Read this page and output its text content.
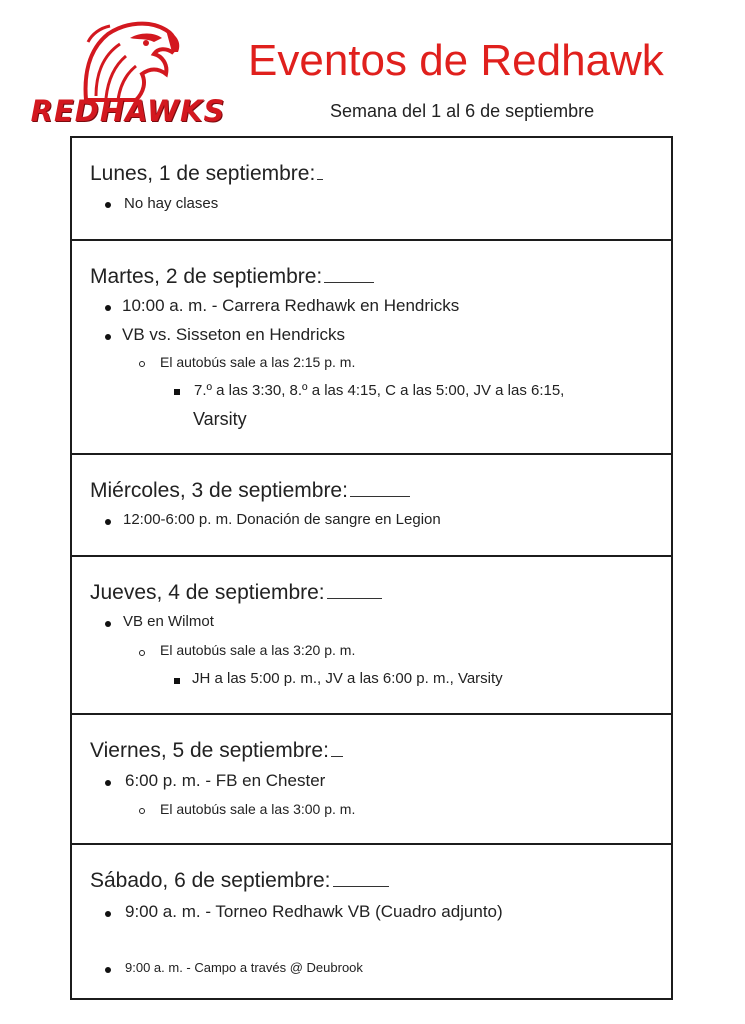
REDHAWKS
Eventos de Redhawk
Semana del 1 al 6 de septiembre
Lunes, 1 de septiembre:
No hay clases
Martes, 2 de septiembre:
10:00 a. m. - Carrera Redhawk en Hendricks
VB vs. Sisseton en Hendricks
El autobús sale a las 2:15 p. m.
7.º a las 3:30, 8.º a las 4:15, C a las 5:00, JV a las 6:15,
Varsity
Miércoles, 3 de septiembre:
12:00-6:00 p. m. Donación de sangre en Legion
Jueves, 4 de septiembre:
VB en Wilmot
El autobús sale a las 3:20 p. m.
JH a las 5:00 p. m., JV a las 6:00 p. m., Varsity
Viernes, 5 de septiembre:
6:00 p. m. - FB en Chester
El autobús sale a las 3:00 p. m.
Sábado, 6 de septiembre:
9:00 a. m. - Torneo Redhawk VB (Cuadro adjunto)
9:00 a. m. - Campo a través @ Deubrook
